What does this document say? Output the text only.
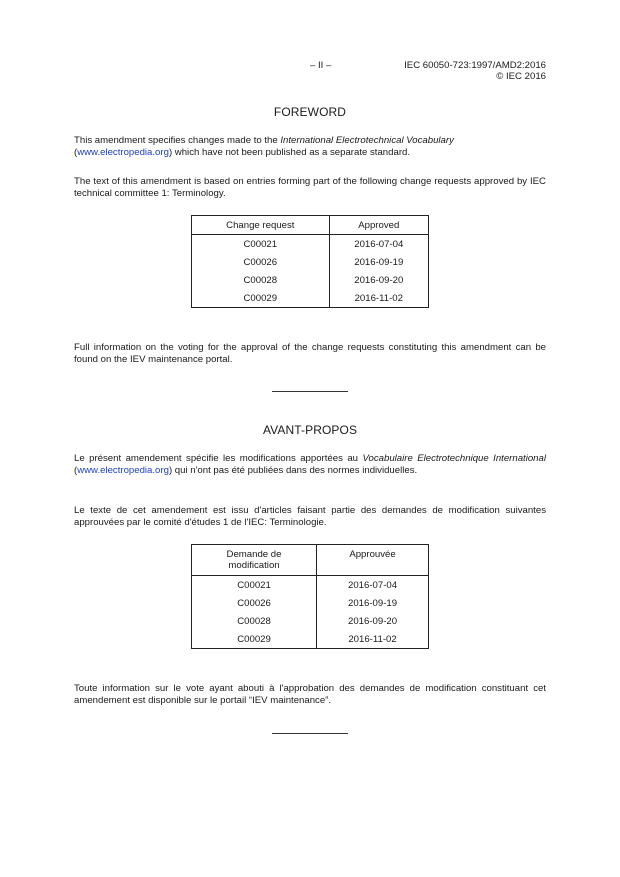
– II –	IEC 60050-723:1997/AMD2:2016
© IEC 2016
FOREWORD
This amendment specifies changes made to the International Electrotechnical Vocabulary
(www.electropedia.org) which have not been published as a separate standard.
The text of this amendment is based on entries forming part of the following change requests approved by IEC technical committee 1: Terminology.
Change request	Approved
C00021	2016-07-04
C00026	2016-09-19
C00028	2016-09-20
C00029	2016-11-02
Full information on the voting for the approval of the change requests constituting this amendment can be found on the IEV maintenance portal.
AVANT-PROPOS
Le présent amendement spécifie les modifications apportées au Vocabulaire Electrotechnique International (www.electropedia.org) qui n'ont pas été publiées dans des normes individuelles.
Le texte de cet amendement est issu d'articles faisant partie des demandes de modification suivantes approuvées par le comité d'études 1 de l'IEC: Terminologie.
Demande de
modification	Approuvée
C00021	2016-07-04
C00026	2016-09-19
C00028	2016-09-20
C00029	2016-11-02
Toute information sur le vote ayant abouti à l'approbation des demandes de modification constituant cet amendement est disponible sur le portail “IEV maintenance”.
